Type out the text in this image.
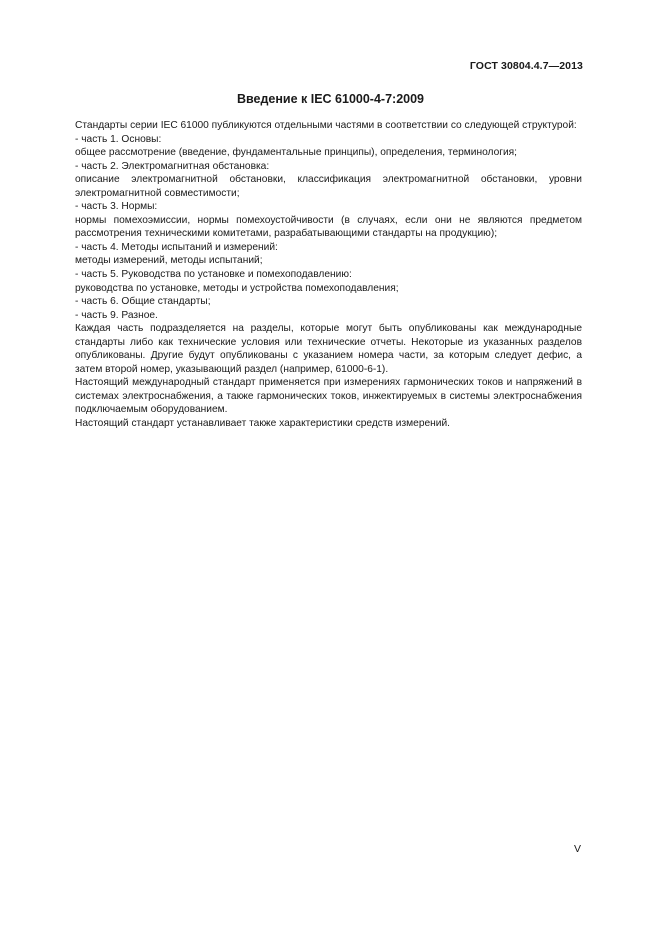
ГОСТ 30804.4.7—2013
Введение к IEC 61000-4-7:2009

Стандарты серии IEC 61000 публикуются отдельными частями в соответствии со следующей структурой:

- часть 1. Основы:

общее рассмотрение (введение, фундаментальные принципы), определения, терминология;

- часть 2. Электромагнитная обстановка:

описание электромагнитной обстановки, классификация электромагнитной обстановки, уровни электромагнитной совместимости;

- часть 3. Нормы:

нормы помехоэмиссии, нормы помехоустойчивости (в случаях, если они не являются предметом рассмотрения техническими комитетами, разрабатывающими стандарты на продукцию);

- часть 4. Методы испытаний и измерений:

методы измерений, методы испытаний;

- часть 5. Руководства по установке и помехоподавлению:

руководства по установке, методы и устройства помехоподавления;

- часть 6. Общие стандарты;

- часть 9. Разное.

Каждая часть подразделяется на разделы, которые могут быть опубликованы как международные стандарты либо как технические условия или технические отчеты. Некоторые из указанных разделов опубликованы. Другие будут опубликованы с указанием номера части, за которым следует дефис, а затем второй номер, указывающий раздел (например, 61000-6-1).

Настоящий международный стандарт применяется при измерениях гармонических токов и напряжений в системах электроснабжения, а также гармонических токов, инжектируемых в системы электроснабжения подключаемым оборудованием.

Настоящий стандарт устанавливает также характеристики средств измерений.

V
